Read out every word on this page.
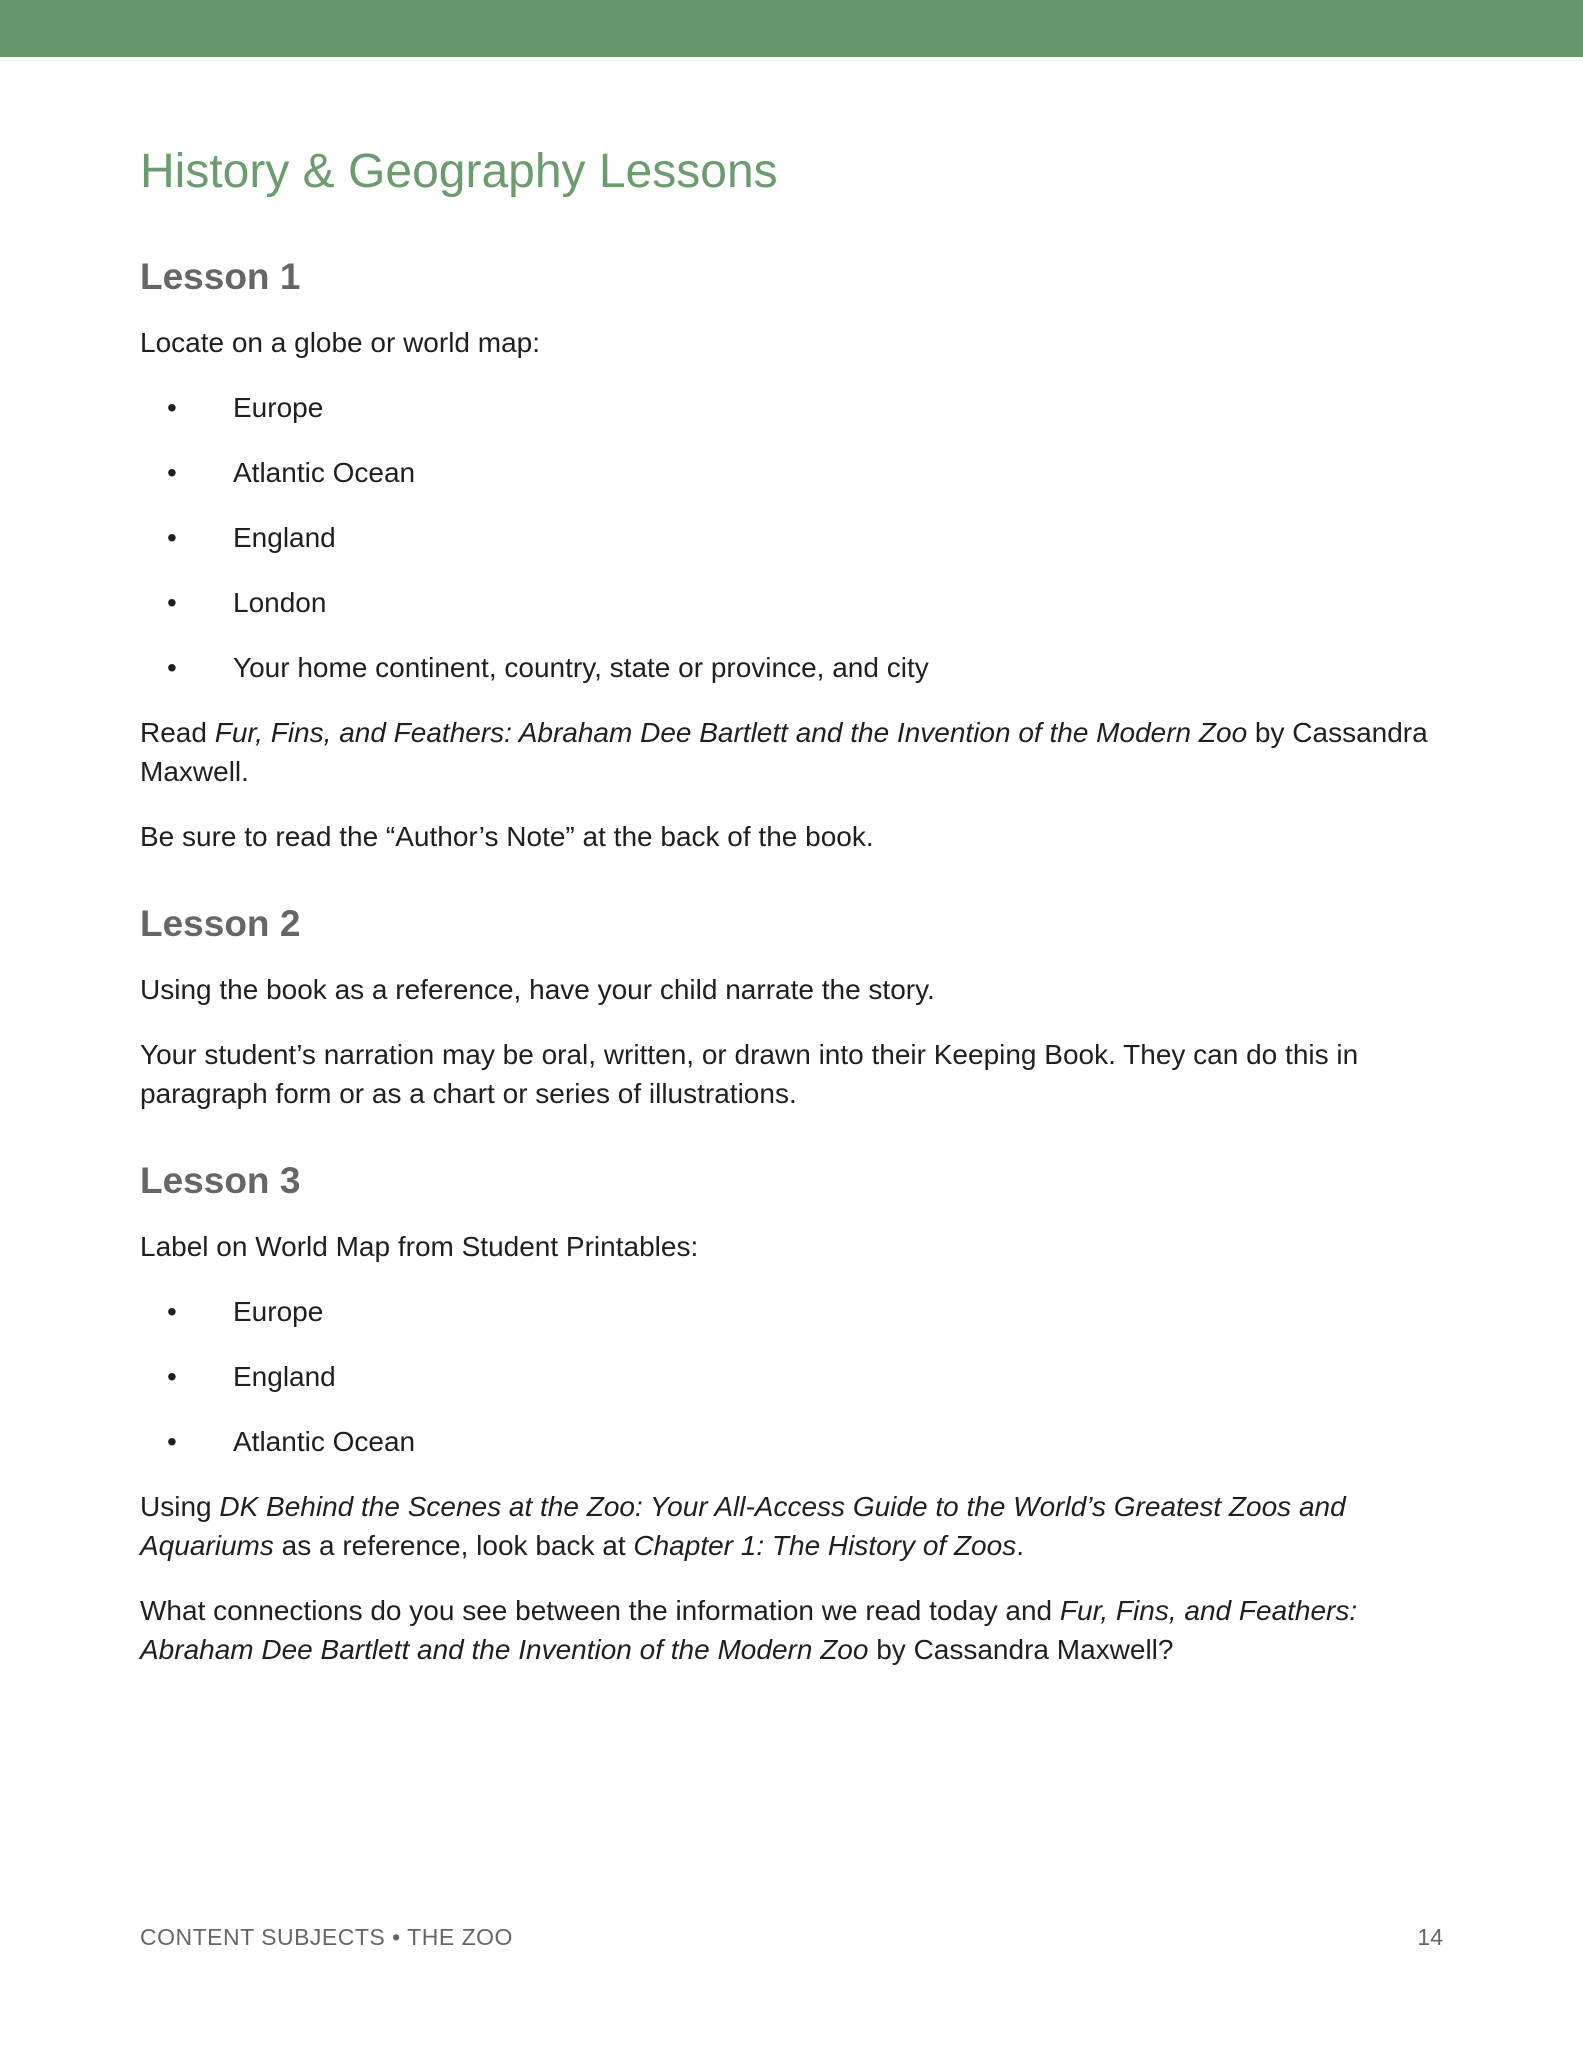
History & Geography Lessons
Lesson 1

Locate on a globe or world map:

• Europe
• Atlantic Ocean
• England
• London
• Your home continent, country, state or province, and city

Read Fur, Fins, and Feathers: Abraham Dee Bartlett and the Invention of the Modern Zoo by Cassandra Maxwell.

Be sure to read the “Author’s Note” at the back of the book.

Lesson 2

Using the book as a reference, have your child narrate the story.

Your student’s narration may be oral, written, or drawn into their Keeping Book. They can do this in paragraph form or as a chart or series of illustrations.

Lesson 3

Label on World Map from Student Printables:

• Europe
• England
• Atlantic Ocean

Using DK Behind the Scenes at the Zoo: Your All-Access Guide to the World’s Greatest Zoos and Aquariums as a reference, look back at Chapter 1: The History of Zoos.

What connections do you see between the information we read today and Fur, Fins, and Feathers: Abraham Dee Bartlett and the Invention of the Modern Zoo by Cassandra Maxwell?

CONTENT SUBJECTS • THE ZOO	14
